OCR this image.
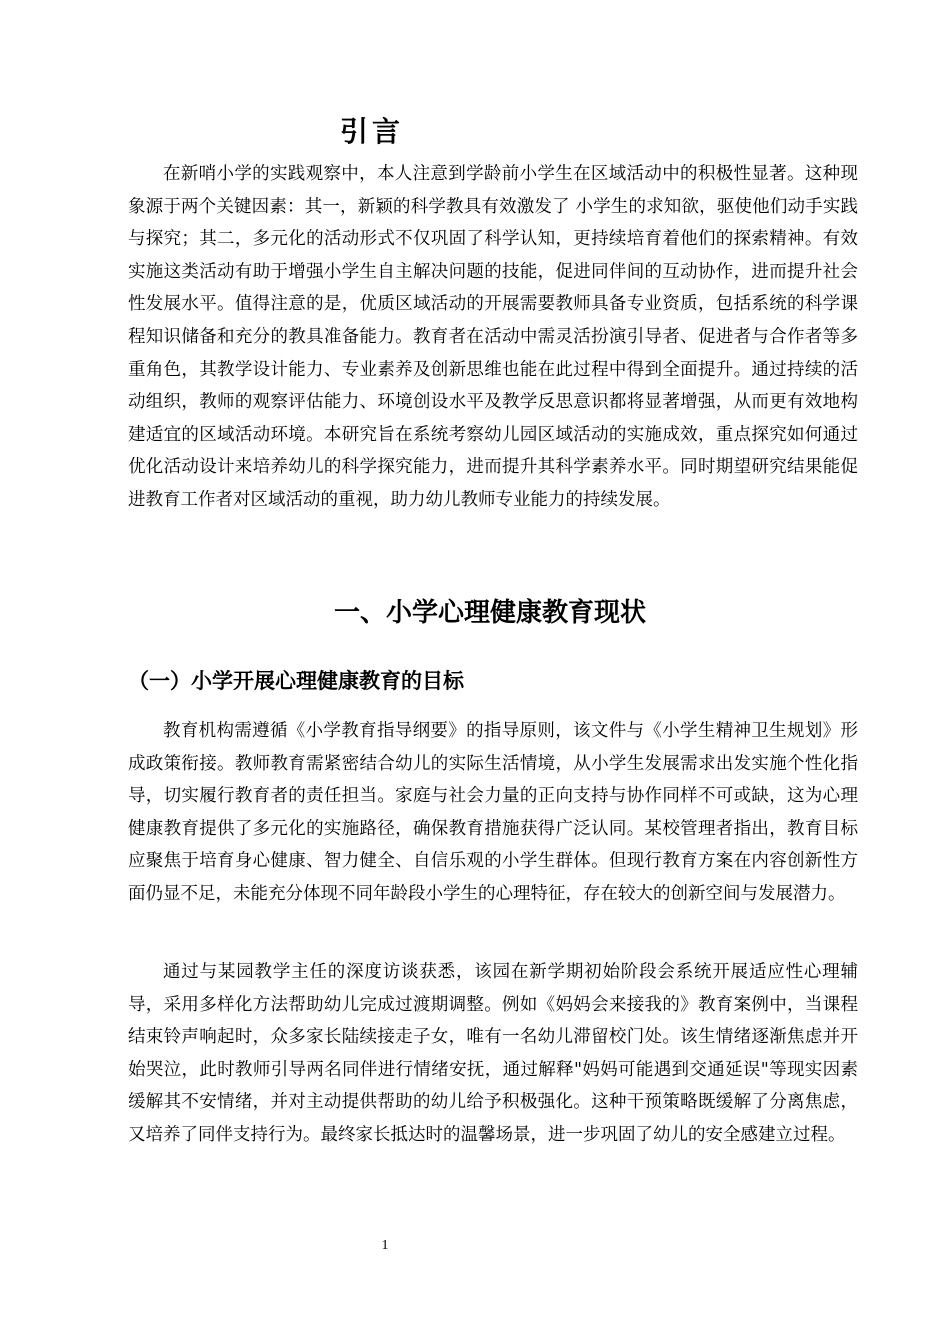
引言

在新哨小学的实践观察中，本人注意到学龄前小学生在区域活动中的积极性显著。这种现象源于两个关键因素：其一，新颖的科学教具有效激发了 小学生的求知欲，驱使他们动手实践与探究；其二，多元化的活动形式不仅巩固了科学认知，更持续培育着他们的探索精神。有效实施这类活动有助于增强小学生自主解决问题的技能，促进同伴间的互动协作，进而提升社会性发展水平。值得注意的是，优质区域活动的开展需要教师具备专业资质，包括系统的科学课程知识储备和充分的教具准备能力。教育者在活动中需灵活扮演引导者、促进者与合作者等多重角色，其教学设计能力、专业素养及创新思维也能在此过程中得到全面提升。通过持续的活动组织，教师的观察评估能力、环境创设水平及教学反思意识都将显著增强，从而更有效地构建适宜的区域活动环境。本研究旨在系统考察幼儿园区域活动的实施成效，重点探究如何通过优化活动设计来培养幼儿的科学探究能力，进而提升其科学素养水平。同时期望研究结果能促进教育工作者对区域活动的重视，助力幼儿教师专业能力的持续发展。

一、小学心理健康教育现状
（一）小学开展心理健康教育的目标

教育机构需遵循《小学教育指导纲要》的指导原则，该文件与《小学生精神卫生规划》形成政策衔接。教师教育需紧密结合幼儿的实际生活情境，从小学生发展需求出发实施个性化指导，切实履行教育者的责任担当。家庭与社会力量的正向支持与协作同样不可或缺，这为心理健康教育提供了多元化的实施路径，确保教育措施获得广泛认同。某校管理者指出，教育目标应聚焦于培育身心健康、智力健全、自信乐观的小学生群体。但现行教育方案在内容创新性方面仍显不足，未能充分体现不同年龄段小学生的心理特征，存在较大的创新空间与发展潜力。

通过与某园教学主任的深度访谈获悉，该园在新学期初始阶段会系统开展适应性心理辅导，采用多样化方法帮助幼儿完成过渡期调整。例如《妈妈会来接我的》教育案例中，当课程结束铃声响起时，众多家长陆续接走子女，唯有一名幼儿滞留校门处。该生情绪逐渐焦虑并开始哭泣，此时教师引导两名同伴进行情绪安抚，通过解释"妈妈可能遇到交通延误"等现实因素缓解其不安情绪，并对主动提供帮助的幼儿给予积极强化。这种干预策略既缓解了分离焦虑，又培养了同伴支持行为。最终家长抵达时的温馨场景，进一步巩固了幼儿的安全感建立过程。

1
